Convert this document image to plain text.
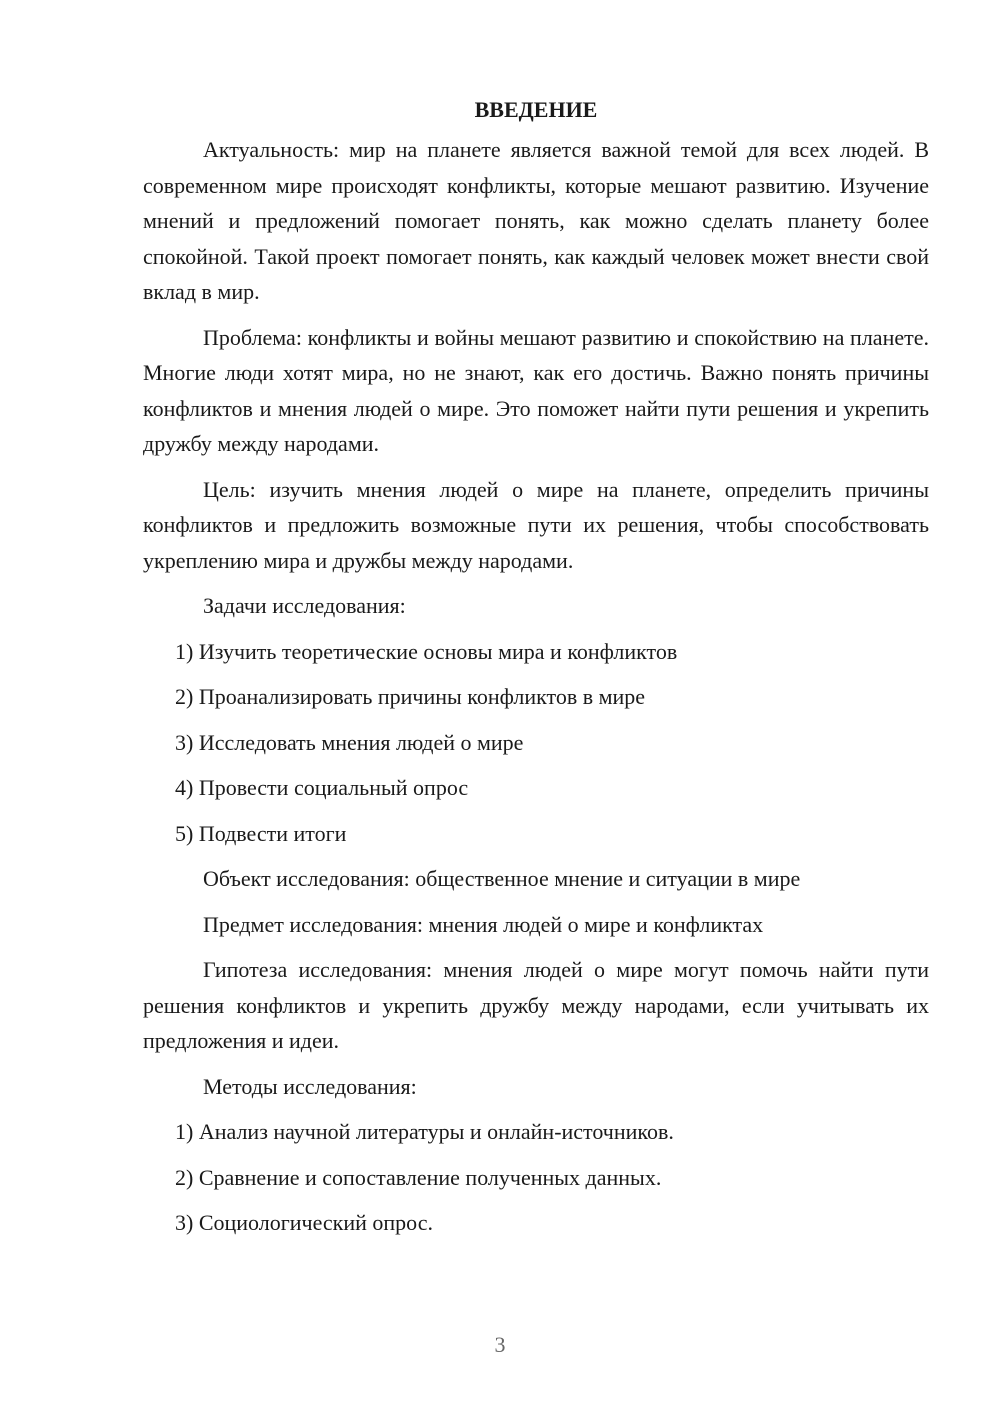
ВВЕДЕНИЕ

Актуальность: мир на планете является важной темой для всех людей. В современном мире происходят конфликты, которые мешают развитию. Изучение мнений и предложений помогает понять, как можно сделать планету более спокойной. Такой проект помогает понять, как каждый человек может внести свой вклад в мир.

Проблема: конфликты и войны мешают развитию и спокойствию на планете. Многие люди хотят мира, но не знают, как его достичь. Важно понять причины конфликтов и мнения людей о мире. Это поможет найти пути решения и укрепить дружбу между народами.

Цель: изучить мнения людей о мире на планете, определить причины конфликтов и предложить возможные пути их решения, чтобы способствовать укреплению мира и дружбы между народами.

Задачи исследования:

1) Изучить теоретические основы мира и конфликтов

2) Проанализировать причины конфликтов в мире

3) Исследовать мнения людей о мире

4) Провести социальный опрос

5) Подвести итоги

Объект исследования: общественное мнение и ситуации в мире

Предмет исследования: мнения людей о мире и конфликтах

Гипотеза исследования: мнения людей о мире могут помочь найти пути решения конфликтов и укрепить дружбу между народами, если учитывать их предложения и идеи.

Методы исследования:

1) Анализ научной литературы и онлайн-источников.

2) Сравнение и сопоставление полученных данных.

3) Социологический опрос.

3
